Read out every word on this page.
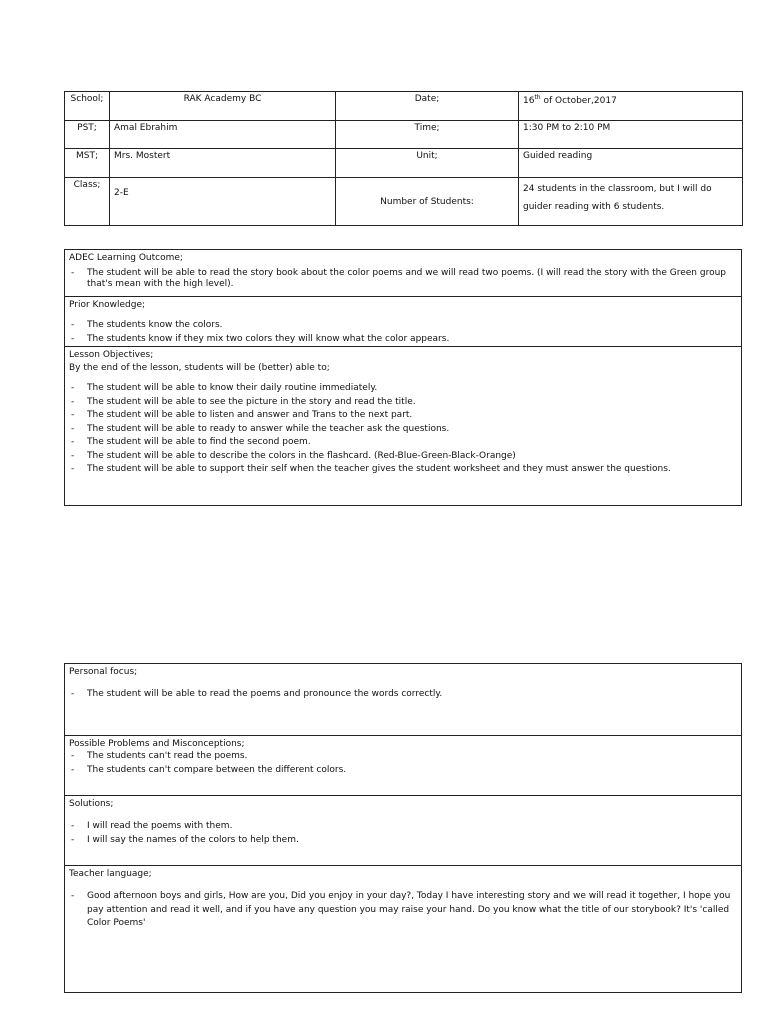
School;	RAK Academy BC	Date;	16th of October,2017
PST;	Amal Ebrahim	Time;	1:30 PM to 2:10 PM
MST;	Mrs. Mostert	Unit;	Guided reading
Class;	2-E	Number of Students:	24 students in the classroom, but I will do guider reading with 6 students.

ADEC Learning Outcome;

- The student will be able to read the story book about the color poems and we will read two poems. (I will read the story with the Green group that's mean with the high level).

Prior Knowledge;

- The students know the colors.
- The students know if they mix two colors they will know what the color appears.

Lesson Objectives;

By the end of the lesson, students will be (better) able to;

- The student will be able to know their daily routine immediately.
- The student will be able to see the picture in the story and read the title.
- The student will be able to listen and answer and Trans to the next part.
- The student will be able to ready to answer while the teacher ask the questions.
- The student will be able to find the second poem.
- The student will be able to describe the colors in the flashcard. (Red-Blue-Green-Black-Orange)
- The student will be able to support their self when the teacher gives the student worksheet and they must answer the questions.

Personal focus;

- The student will be able to read the poems and pronounce the words correctly.

Possible Problems and Misconceptions;

- The students can't read the poems.
- The students can't compare between the different colors.

Solutions;

- I will read the poems with them.
- I will say the names of the colors to help them.

Teacher language;

- Good afternoon boys and girls, How are you, Did you enjoy in your day?, Today I have interesting story and we will read it together, I hope you pay attention and read it well, and if you have any question you may raise your hand. Do you know what the title of our storybook? It's 'called Color Poems'
